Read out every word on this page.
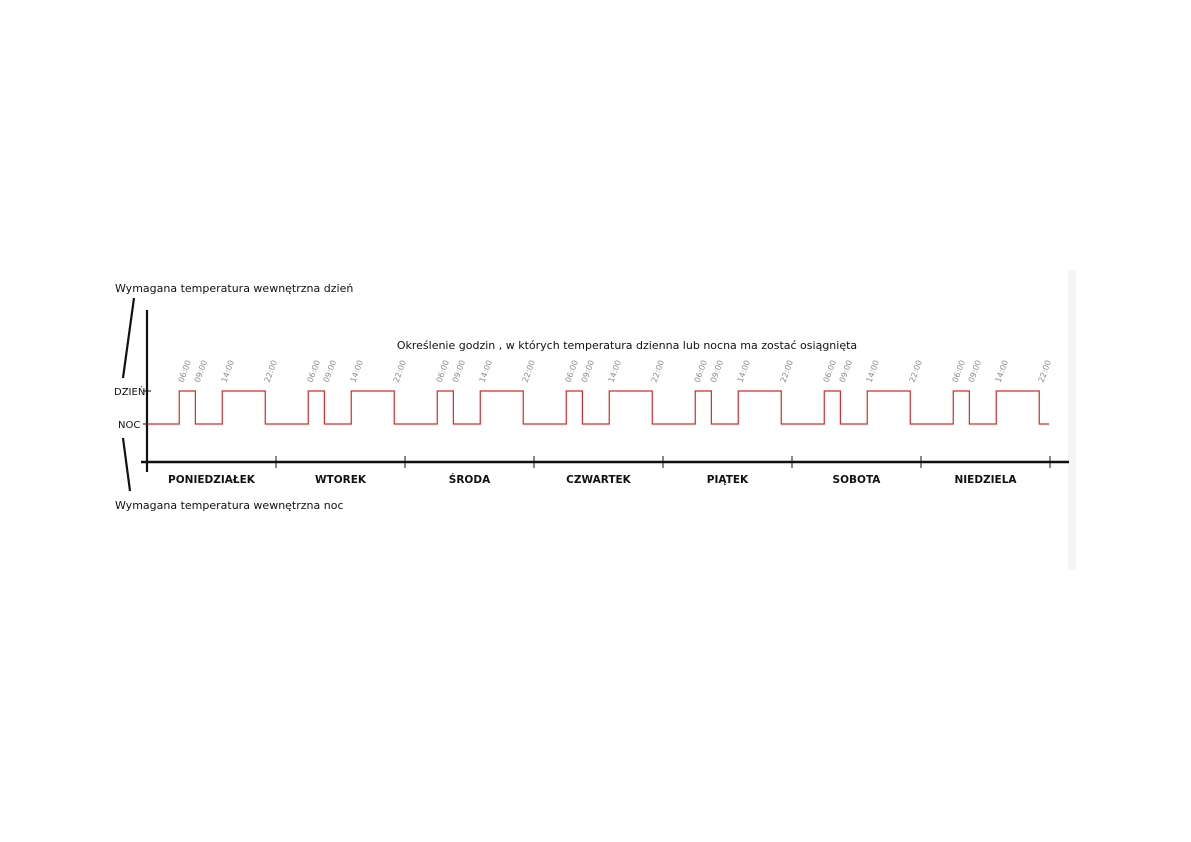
Wymagana temperatura wewnętrzna dzień
Wymagana temperatura wewnętrzna noc
Określenie godzin , w których temperatura dzienna lub nocna ma zostać osiągnięta
DZIEŃ
NOC
PONIEDZIAŁEK	WTOREK	ŚRODA	CZWARTEK	PIĄTEK	SOBOTA	NIEDZIELA
06:00 09:00 14:00	22:00	06:00 09:00 14:00	22:00	06:00 09:00 14:00	22:00	06:00 09:00 14:00	22:00	06:00 09:00 14:00	22:00	06:00 09:00 14:00	22:00	06:00 09:00 14:00	22:00
